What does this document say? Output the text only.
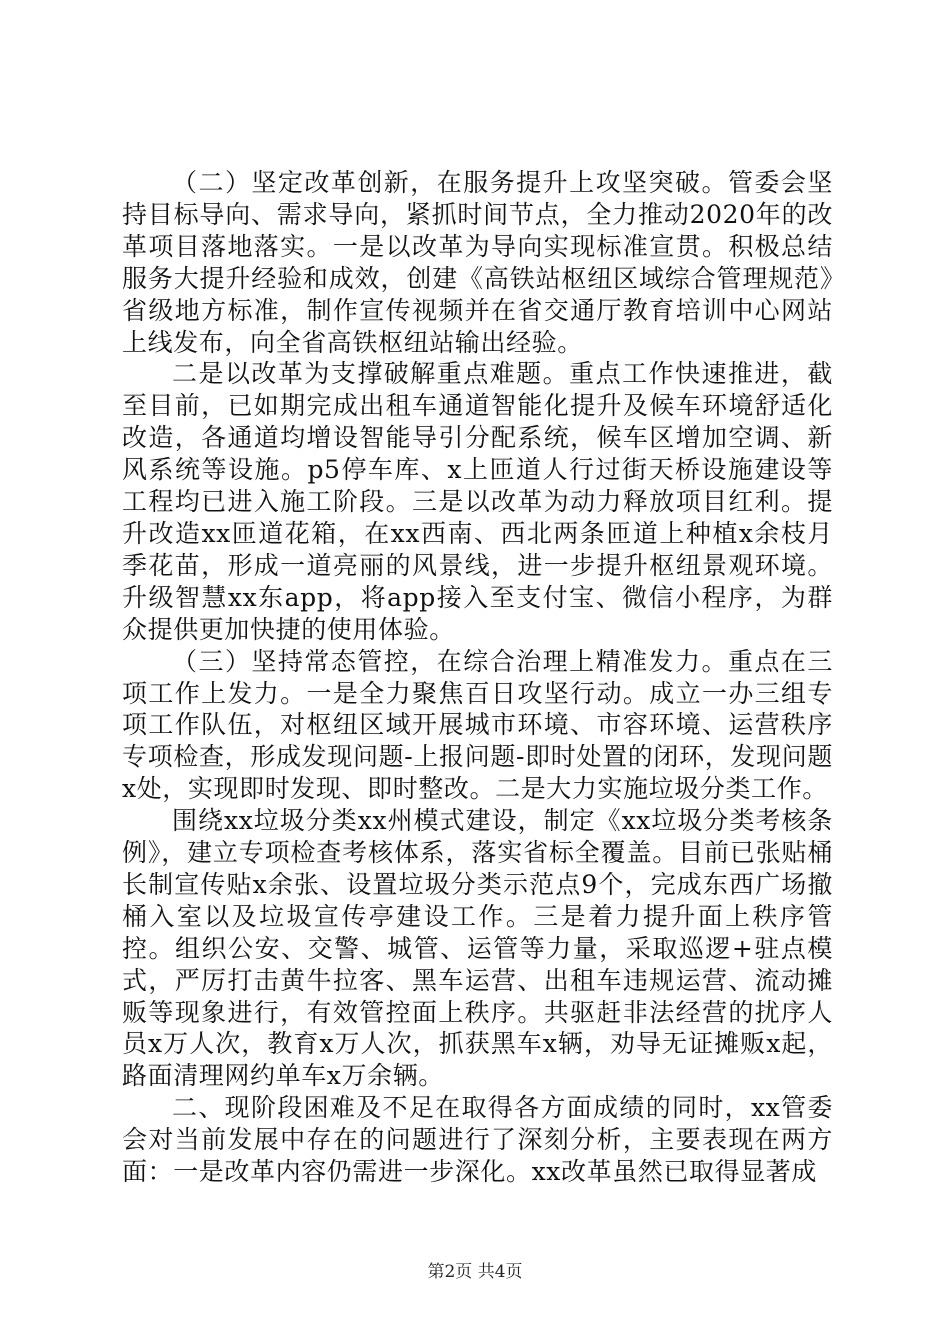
（二）坚定改革创新，在服务提升上攻坚突破。管委会坚持目标导向、需求导向，紧抓时间节点，全力推动2020年的改革项目落地落实。一是以改革为导向实现标准宣贯。积极总结服务大提升经验和成效，创建《高铁站枢纽区域综合管理规范》省级地方标准，制作宣传视频并在省交通厅教育培训中心网站上线发布，向全省高铁枢纽站输出经验。

二是以改革为支撑破解重点难题。重点工作快速推进，截至目前，已如期完成出租车通道智能化提升及候车环境舒适化改造，各通道均增设智能导引分配系统，候车区增加空调、新风系统等设施。p5停车库、x上匝道人行过街天桥设施建设等工程均已进入施工阶段。三是以改革为动力释放项目红利。提升改造xx匝道花箱，在xx西南、西北两条匝道上种植x余枝月季花苗，形成一道亮丽的风景线，进一步提升枢纽景观环境。升级智慧xx东app，将app接入至支付宝、微信小程序，为群众提供更加快捷的使用体验。

（三）坚持常态管控，在综合治理上精准发力。重点在三项工作上发力。一是全力聚焦百日攻坚行动。成立一办三组专项工作队伍，对枢纽区域开展城市环境、市容环境、运营秩序专项检查，形成发现问题-上报问题-即时处置的闭环，发现问题x处，实现即时发现、即时整改。二是大力实施垃圾分类工作。

围绕xx垃圾分类xx州模式建设，制定《xx垃圾分类考核条例》，建立专项检查考核体系，落实省标全覆盖。目前已张贴桶长制宣传贴x余张、设置垃圾分类示范点9个，完成东西广场撤桶入室以及垃圾宣传亭建设工作。三是着力提升面上秩序管控。组织公安、交警、城管、运管等力量，采取巡逻+驻点模式，严厉打击黄牛拉客、黑车运营、出租车违规运营、流动摊贩等现象进行，有效管控面上秩序。共驱赶非法经营的扰序人员x万人次，教育x万人次，抓获黑车x辆，劝导无证摊贩x起，路面清理网约单车x万余辆。

二、现阶段困难及不足在取得各方面成绩的同时，xx管委会对当前发展中存在的问题进行了深刻分析，主要表现在两方面：一是改革内容仍需进一步深化。xx改革虽然已取得显著成

第2页 共4页
